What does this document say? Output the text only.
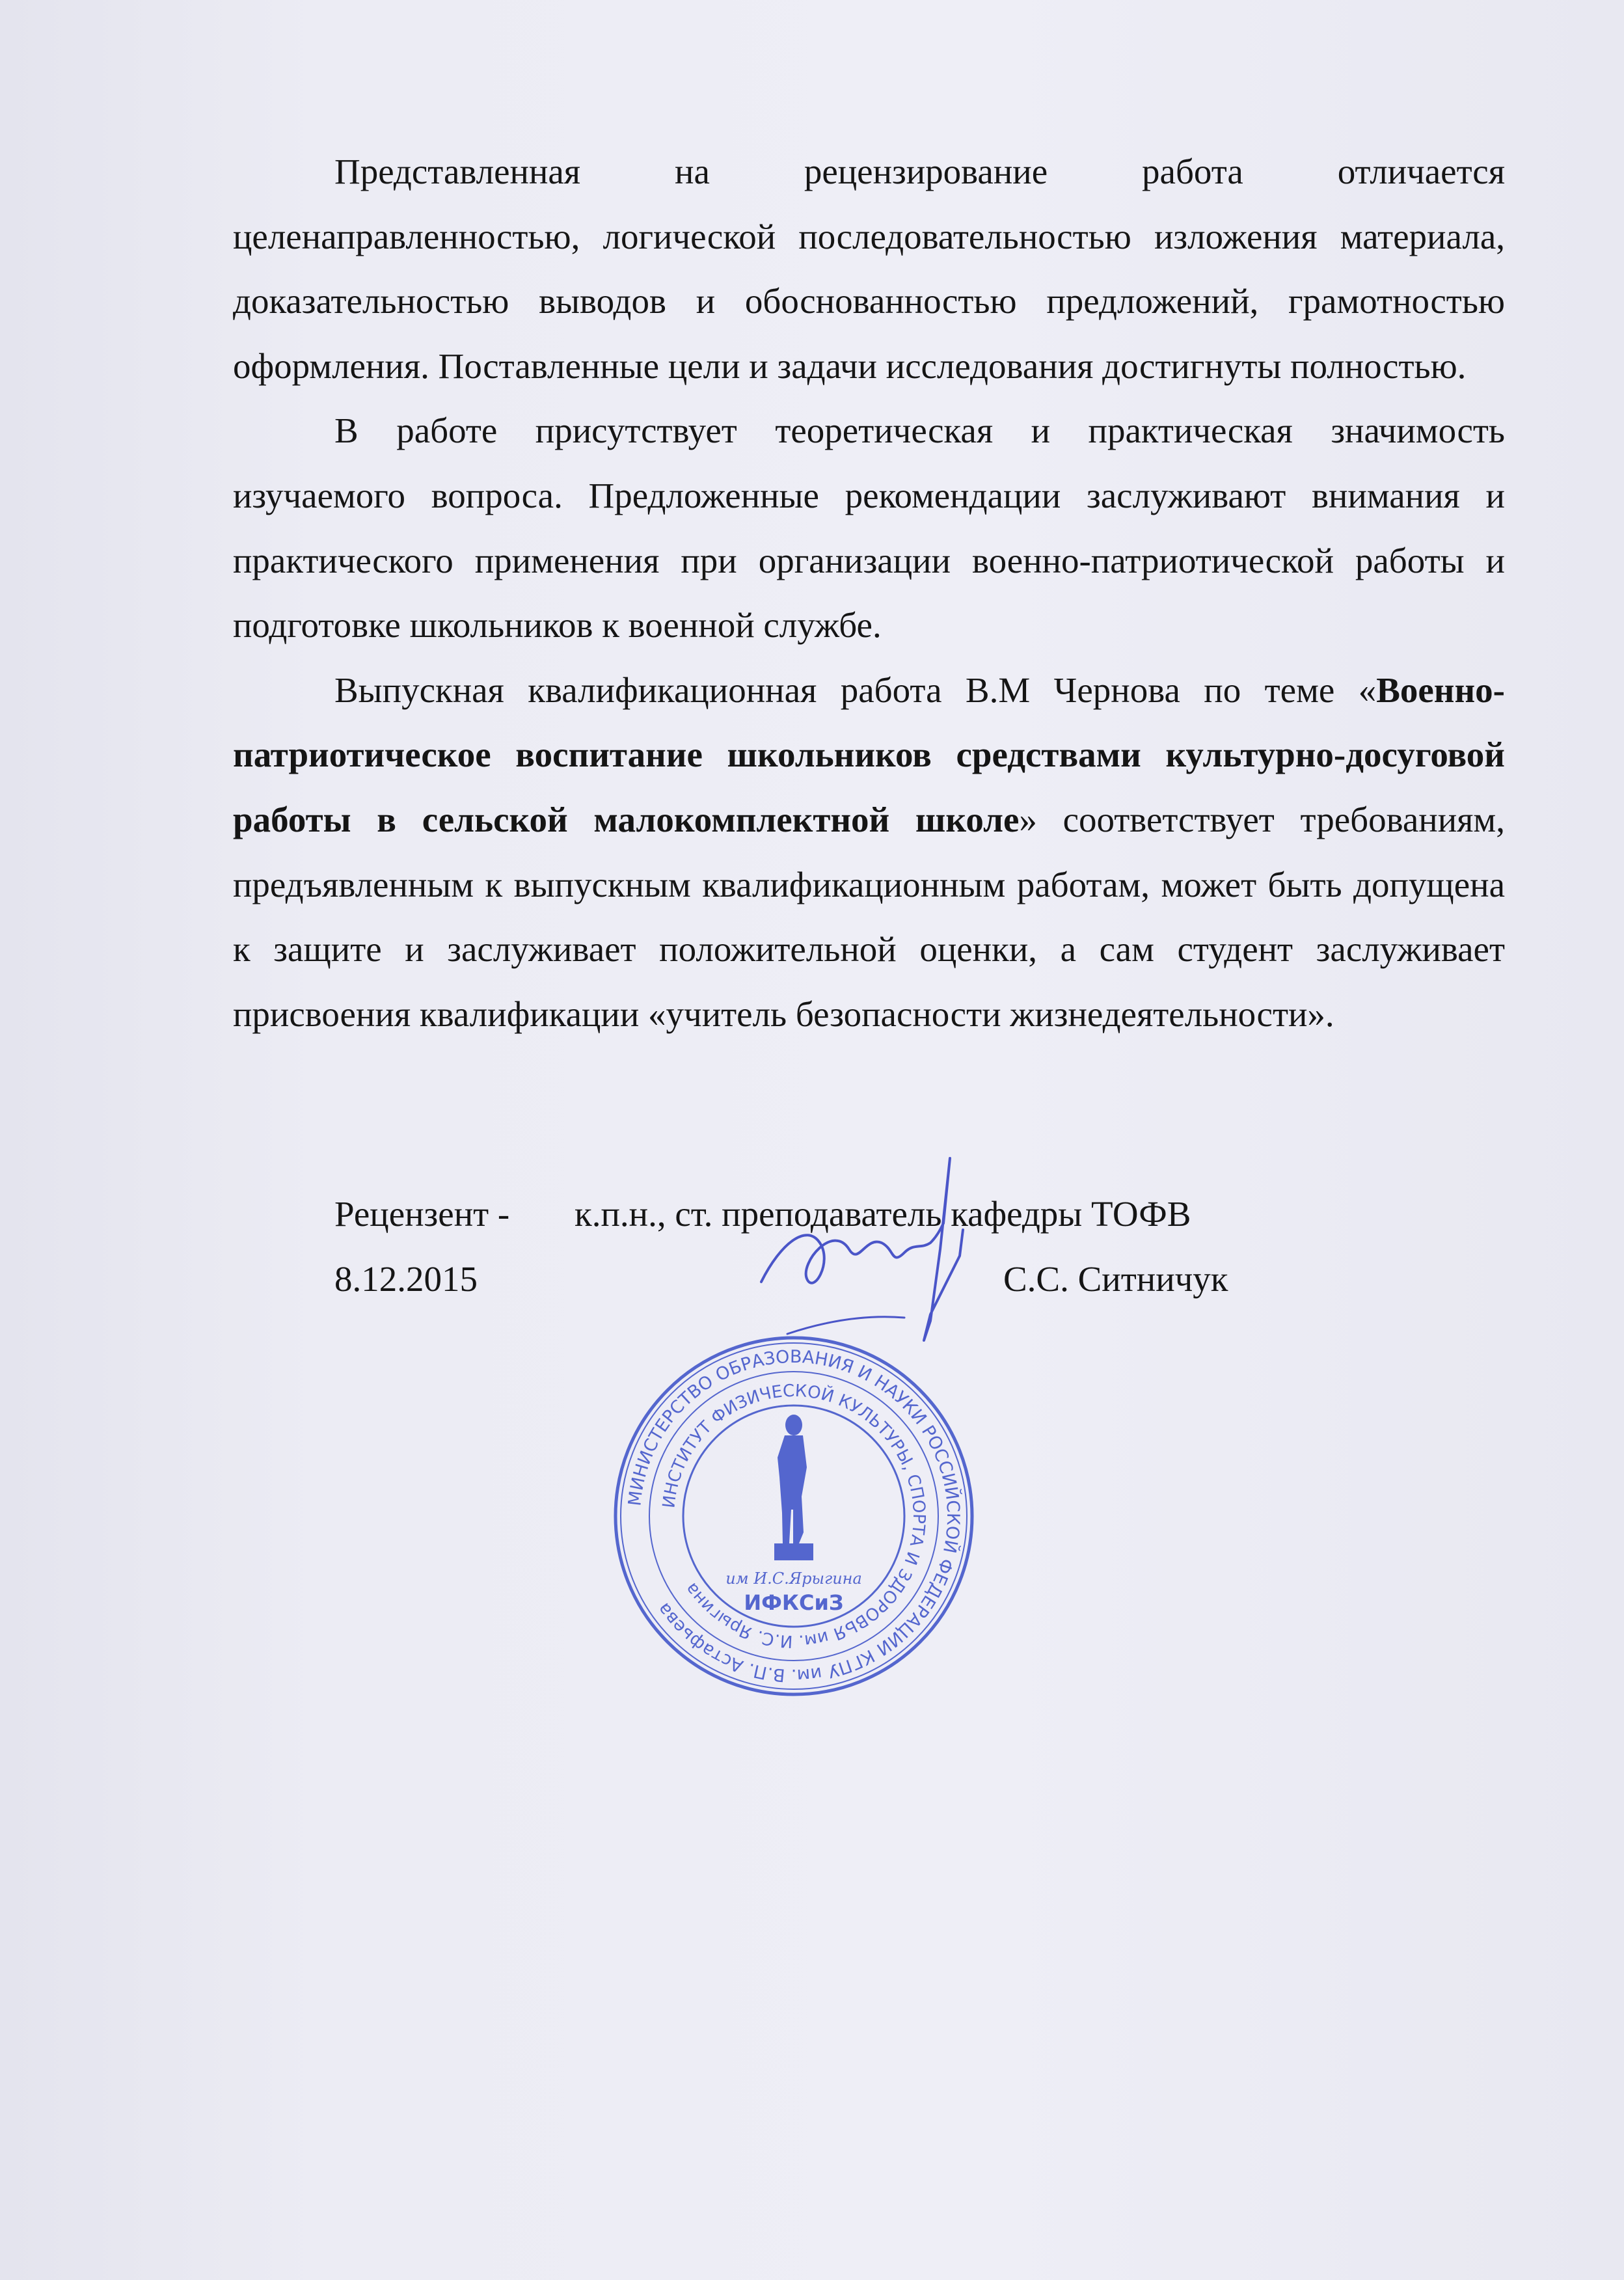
Представленная на рецензирование работа отличается целенаправленностью, логической последовательностью изложения материала, доказательностью выводов и обоснованностью предложений, грамотностью оформления. Поставленные цели и задачи исследования достигнуты полностью.

В работе присутствует теоретическая и практическая значимость изучаемого вопроса. Предложенные рекомендации заслуживают внимания и практического применения при организации военно-патриотической работы и подготовке школьников к военной службе.

Выпускная квалификационная работа В.М Чернова по теме «Военно-патриотическое воспитание школьников средствами культурно-досуговой работы в сельской малокомплектной школе» соответствует требованиям, предъявленным к выпускным квалификационным работам, может быть допущена к защите и заслуживает положительной оценки, а сам студент заслуживает присвоения квалификации «учитель безопасности жизнедеятельности».

Рецензент - к.п.н., ст. преподаватель кафедры ТОФВ
8.12.2015	С.С. Ситничук
МИНИСТЕРСТВО ОБРАЗОВАНИЯ И НАУКИ РОССИЙСКОЙ ФЕДЕРАЦИИ КГПУ им. В.П. Астафьева
ИНСТИТУТ ФИЗИЧЕСКОЙ КУЛЬТУРЫ, СПОРТА И ЗДОРОВЬЯ им. И.С. Ярыгина
им И.С.Ярыгина
ИФКСиЗ
